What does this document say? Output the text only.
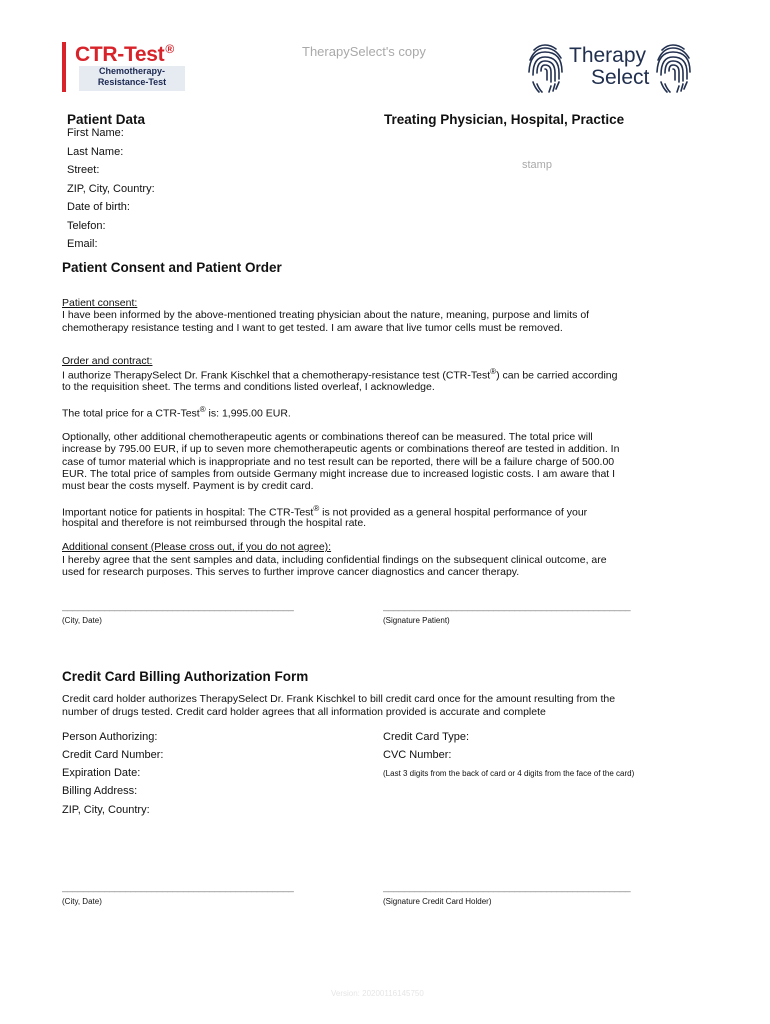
CTR-Test®
Chemotherapy-
Resistance-Test
TherapySelect's copy	Therapy
Select
Patient Data
First Name:
Last Name:
Street:
ZIP, City, Country:
Date of birth:
Telefon:
Email:
Treating Physician, Hospital, Practice
stamp
Patient Consent and Patient Order
Patient consent:
I have been informed by the above-mentioned treating physician about the nature, meaning, purpose and limits of
chemotherapy resistance testing and I want to get tested. I am aware that live tumor cells must be removed.
Order and contract:
I authorize TherapySelect Dr. Frank Kischkel that a chemotherapy-resistance test (CTR-Test®) can be carried according
to the requisition sheet. The terms and conditions listed overleaf, I acknowledge.
The total price for a CTR-Test® is: 1,995.00 EUR.
Optionally, other additional chemotherapeutic agents or combinations thereof can be measured. The total price will
increase by 795.00 EUR, if up to seven more chemotherapeutic agents or combinations thereof are tested in addition. In
case of tumor material which is inappropriate and no test result can be reported, there will be a failure charge of 500.00
EUR. The total price of samples from outside Germany might increase due to increased logistic costs. I am aware that I
must bear the costs myself. Payment is by credit card.
Important notice for patients in hospital: The CTR-Test® is not provided as a general hospital performance of your
hospital and therefore is not reimbursed through the hospital rate.
Additional consent (Please cross out, if you do not agree):
I hereby agree that the sent samples and data, including confidential findings on the subsequent clinical outcome, are
used for research purposes. This serves to further improve cancer diagnostics and cancer therapy.
____________________________________________	_______________________________________________
(City, Date)	(Signature Patient)
Credit Card Billing Authorization Form
Credit card holder authorizes TherapySelect Dr. Frank Kischkel to bill credit card once for the amount resulting from the
number of drugs tested. Credit card holder agrees that all information provided is accurate and complete
Person Authorizing:
Credit Card Number:
Expiration Date:
Billing Address:
ZIP, City, Country:
Credit Card Type:
CVC Number:
(Last 3 digits from the back of card or 4 digits from the face of the card)
____________________________________________	_______________________________________________
(City, Date)	(Signature Credit Card Holder)
Version: 20200116145750
